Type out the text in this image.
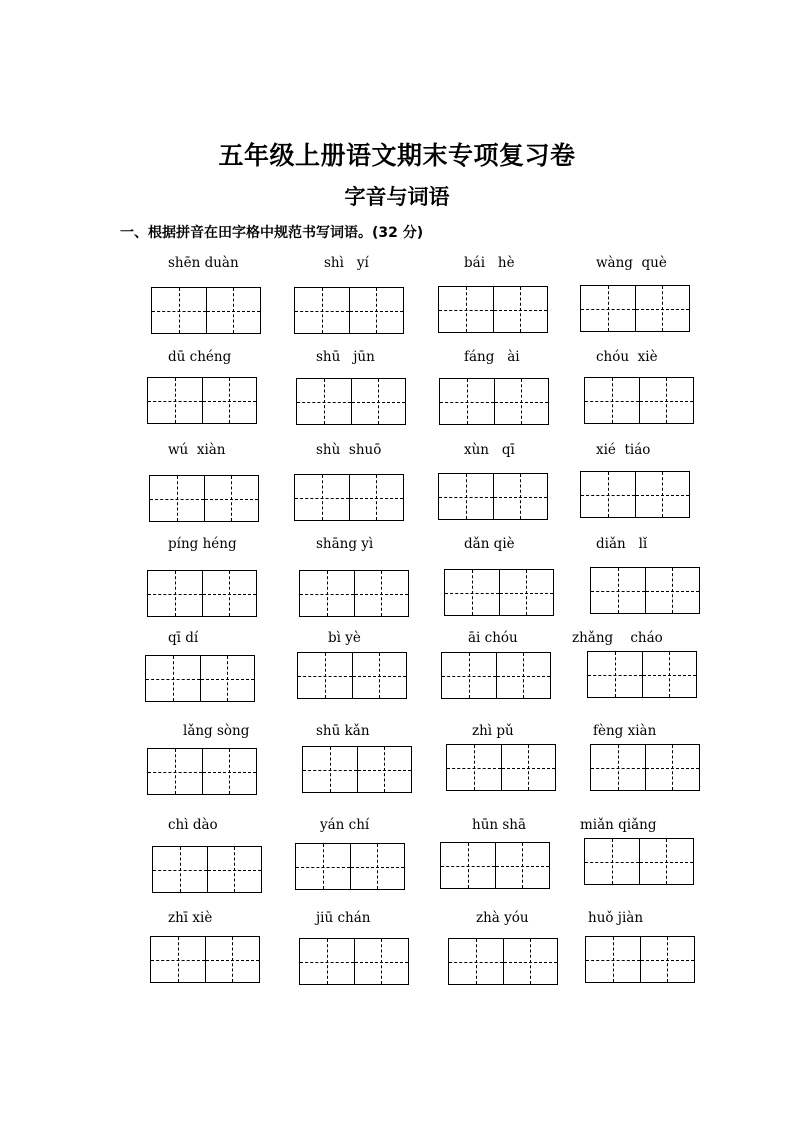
五年级上册语文期末专项复习卷
字音与词语
一、根据拼音在田字格中规范书写词语。(32 分)
shēn duàn	shì   yí	bái   hè	wàng  què
dū chéng	shū   jūn	fáng   ài	chóu  xiè
wú  xiàn	shù  shuō	xùn   qī	xié  tiáo
píng héng	shāng yì	dǎn qiè	diǎn   lǐ
qī dí	bì yè	āi chóu	zhǎng    cháo
lǎng sòng	shū kǎn	zhì pǔ	fèng xiàn
chì dào	yán chí	hūn shā	miǎn qiǎng
zhī xiè	jiū chán	zhà yóu	huǒ jiàn
